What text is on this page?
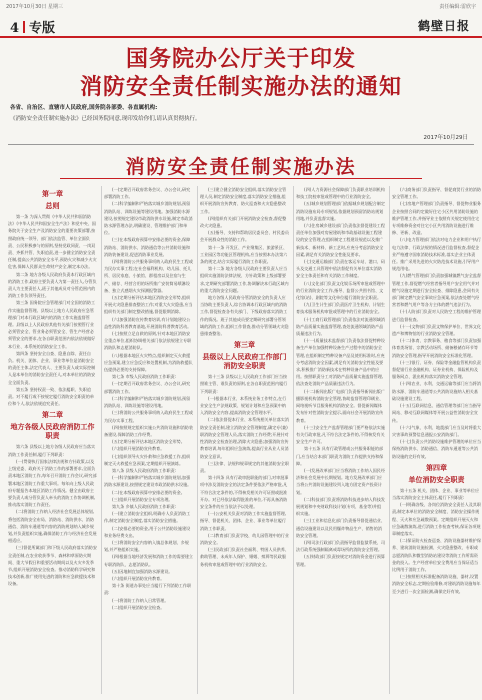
2017年10月30日 星期三	责任编辑:雷欣宇
4 专版	鹤壁日报
国务院办公厅关于印发
消防安全责任制实施办法的通知
各省、自治区、直辖市人民政府,国务院各部委、各直属机构:
《消防安全责任制实施办法》已经国务院同意,现印发给你们,请认真贯彻执行。
2017年10月29日
消防安全责任制实施办法
第一章
总则
第一条 为深入贯彻《中华人民共和国消防法》《中华人民共和国安全生产法》和党中央、国务院关于安全生产及消防安全的重要决策部署,按照政府统一领导、部门依法监管、单位全面负责、公民积极参与的原则,坚持党政同责、一岗双责、齐抓共管、失职追责,进一步健全消防安全责任制,提高公共消防安全水平,预防火灾和减少火灾危害,保障人民群众生命财产安全,制定本办法。
第二条 地方各级人民政府负责本行政区域内的消防工作,政府主要负责人为第一责任人,分管负责人为主要责任人,班子其他成员对分管范围内的消防工作负领导责任。
第三条 国务院应急管理部门对全国的消防工作实施监督管理。县级以上地方人民政府应急管理部门对本行政区域内的消防工作实施监督管理。县级以上人民政府其他有关部门按照管行业必须管安全、管业务必须管安全、管生产经营必须管安全的要求,在各自职责范围内依法依规做好本行业、本系统的消防安全工作。
第四条 坚持安全自查、隐患自除、责任自负。机关、团体、企业、事业等单位是消防安全的责任主体,法定代表人、主要负责人或实际控制人是本单位的消防安全责任人,对本单位的消防安全全面负责。
第五条 坚持权责一致、依法履职、失职追责。对不履行或不按规定履行消防安全职责的单位和个人,依法依规追究责任。
第二章
地方各级人民政府消防工作职责
第六条 县级以上地方各级人民政府应当落实消防工作责任制,履行下列职责:
(一)贯彻执行国家法律法规和方针政策,以及上级党委、政府关于消防工作的部署要求,全面负责本地区消防工作,每年召开消防工作会议,研究部署本地区消防工作重大事项。每年向上级人民政府专题报告本地区消防工作情况。健全由政府主要负责人或分管负责人牵头的消防工作协调机制,推动落实消防工作责任。
(二)将消防工作纳入经济社会发展总体规划,将包括消防安全布局、消防站、消防供水、消防通信、消防车通道等内容的消防规划纳入城乡规划,并负责组织实施,确保消防工作与经济社会发展相适应。
(三)督促所属部门和下级人民政府落实消防安全责任制,在农业收获季节、森林和草原防火期间、重大节假日和重要活动期间以及火灾多发季节,组织开展消防安全检查。推动消防科学研究和技术创新,推广使用先进的消防和应急救援技术和设备。
(一)定期召开政府常务会议、办公会议,研究部署消防工作。
(二)科学编制和严格落实城乡消防规划,预留消防队站、训练设施等建设用地。加强消防水源建设,按照规定建设市政消防供水设施,制定市政消防水源管理办法,明确建设、管理维护部门和单位。
(三)在本级政府预算中安排必要的资金,保障消防站、消防供水、消防通信等公共消防设施和消防装备建设,促进消防事业发展。
(四)将消防公共服务事项纳入政府民生工程或为民办实事工程;在社会福利机构、幼儿园、托儿所、居民家庭、小旅馆、群租房以及住宿与生产、储存、经营合用的场所推广安装简易喷淋设备、独立式感烟火灾探测报警器。
(五)定期分析评估本地区消防安全形势,组织开展火灾隐患排查整治工作;对重大火灾隐患,应当组织有关部门制定整改措施,督促限期消除。
(六)加强消防宣传教育培训,有计划地建设公益性消防科普教育基地,开展消防科普教育活动。
(七)按照立足自救的原则,针对本地区消防安全重点单位,组织协调相关部门依法依规建立专职消防队和志愿消防队。
(八)根据本地区火灾特点,组织制定灭火救援应急预案,建立应急反应和处置机制,为消防救援队伍提供必要的支持保障。
第七条 市级人民政府消防工作职责:
(一)定期召开政府常务会议、办公会议,研究部署消防工作。
(二)科学编制和严格落实城乡消防规划,预留消防队站、训练设施等建设用地。
(三)将消防公共服务事项纳入政府民生工程或为民办实事工程。
(四)按照规定组织实施公共消防设施和消防装备建设,保障消防工作经费。
(五)定期分析评估本地区消防安全形势。
(六)组织开展消防宣传教育。
(七)组织领导火灾扑救和应急救援工作,组织制定灭火救援应急预案,定期组织开展演练。
第八条 县级人民政府消防工作职责:
(一)科学编制和严格落实城乡消防规划,加强消防水源建设,按照规定建设市政消防供水设施。
(二)在本级政府预算中安排必要的资金。
(三)组织开展消防安全专项治理。
第九条 乡镇人民政府消防工作职责:
(一)建立消防安全组织,明确专人负责消防工作,制定消防安全制度,落实消防安全措施。
(二)安排必要的资金,用于公共消防设施建设和业务经费支出。
(三)将消防安全内容纳入镇总体规划、乡规划,并严格组织实施。
(四)根据当地经济发展和消防工作的需要建立专职消防队、志愿消防队。
(五)因地制宜加强消防水源建设。
(六)组织开展消防宣传教育。
第十条 街道办事处应当履行下列消防工作职责:
(一)将消防工作纳入日常管理。
(二)组织开展消防安全检查。
(三)建立健全消防安全组织,落实消防安全管理人员,制定消防安全制度,落实消防安全措施,组织开展消防宣传教育、防火巡查和火灾隐患整改工作。
(四)组织有关部门开展消防安全检查,督促整改火灾隐患。
(五)指导、支持和帮助居民委员会、村民委员会开展群众性的消防工作。
第十一条 开发区、产业聚集区、旅游景区、工业园区等功能区管理机构,应当按照本办法第六条的规定,结合实际履行消防工作职责。
第十二条 地方各级人民政府主要负责人应当组织实施消防法律法规、方针政策和上级部署要求,定期研究部署消防工作,协调解决本行政区域内的重大消防安全问题。
地方各级人民政府分管消防安全的负责人应当协助主要负责人,综合协调本行政区域内的消防工作,督促检查各有关部门、下级政府落实消防工作的情况。班子其他成员要定期研究部署分管领域的消防工作,组织工作督查,推动分管领域火灾隐患排查整治。
第三章
县级以上人民政府工作部门消防安全职责
第十三条 县级以上人民政府工作部门应当按照谁主管、谁负责的原则,在各自职责范围内履行下列职责:
(一)根据本行业、本系统业务工作特点,在行业安全生产法规政策、规划计划和应急预案中纳入消防安全内容,提高消防安全管理水平。
(二)依法督促本行业、本系统相关单位落实消防安全责任制,建立消防安全管理制度,确定专(兼)职消防安全管理人员,落实消防工作经费;开展针对性消防安全检查治理,消除火灾隐患;加强消防宣传教育培训,每年组织应急演练,提高行业从业人员消防安全意识。
(三)法律、法规和规章规定的其他消防安全职责。
第十四条 具有行政审批职能的部门,对审批事项中涉及消防安全的法定条件要依法严格审批,凡不符合法定条件的,不得核发相关许可证照或批准开办。对已经依法取得批准的单位,不再具备消防安全条件的应当依法予以处理。
(一)公安机关负责对消防工作实施监督管理,指导、督促机关、团体、企业、事业等单位履行消防工作职责。
(二)教育部门负责学校、幼儿园管理中的行业消防安全。
(三)民政部门负责社会福利、特困人员供养、救助管理、未成年人保护、婚姻、殡葬等民政服务机构审批或管理中的行业消防安全。
(四)人力资源社会保障部门负责职业培训机构和技工院校审批或管理中的行业消防安全。
(五)城乡规划管理部门依据城乡规划配合制定消防设施布局专项规划,依据规划预留消防站规划用地,并负责监督实施。
(六)住房城乡建设部门负责依法督促建设工程责任单位加强对房屋建筑和市政基础设施工程建设的安全管理,在组织制定工程建设规范以及推广新技术、新材料、新工艺时,应充分考虑消防安全因素,满足有关消防安全性能及要求。
(七)交通运输部门负责在客运车站、港口、码头及交通工具管理中依法督促有关单位落实消防安全主体责任和有关消防工作制度。
(八)文化部门负责文化娱乐场所审批或管理中的行业消防安全工作,指导、监督公共图书馆、文化馆(站)、剧院等文化单位履行消防安全职责。
(九)卫生计生部门负责医疗卫生机构、计划生育技术服务机构审批或管理中的行业消防安全。
(十)工商行政管理部门负责依法对流通领域消防产品质量实施监督管理,查处流通领域消防产品质量违法行为。
(十一)质量技术监督部门负责依法督促特种设备生产单位加强特种设备生产过程中的消防安全管理,在组织制定特种设备产品及使用标准时,应充分考虑消防安全因素,满足有关消防安全性能及要求,积极推广消防新技术在特种设备产品中的应用。按照职责分工对消防产品质量实施监督管理,依法查处消防产品质量违法行为。
(十二)新闻出版广电部门负责指导新闻出版广播影视机构消防安全管理,协助监督管理印刷业、网络视听节目服务机构消防安全。督促新闻媒体发布针对性消防安全提示,面向社会开展消防宣传教育。
(十三)安全生产监督管理部门要严格依法实施有关行政审批,凡不符合法定条件的,不得核发有关安全生产许可。
第十五条 具有行政管理或公共服务职能的部门,应当结合本部门职责为消防工作提供支持和保障。
(一)发展改革部门应当将消防工作纳入国民经济和社会发展中长期规划。地方发展改革部门应当将公共消防设施建设列入地方固定资产投资计划。
(二)科技部门负责将消防科技进步纳入科技发展规划和中央财政科技计划(专项、基金等)并组织实施。
(三)工业和信息化部门负责指导督促通信业、通信设施建设以及民用爆炸物品生产、销售的消防安全管理。
(四)司法行政部门负责指导监督监狱系统、司法行政系统强制隔离戒毒场所的消防安全管理。
(五)财政部门负责按规定对消防资金进行预算管理。
(六)商务部门负责指导、督促商贸行业的消防安全管理工作。
(七)房地产管理部门负责指导、督促物业服务企业按照合同约定做好住宅小区共用消防设施的维护管理工作,并指导业主依照有关规定使用住宅专项维修资金对住宅小区共用消防设施进行维修、更新、改造。
(八)电力管理部门依法对电力企业和用户执行电力法律、行政法规的情况进行监督检查,督促企业严格遵守国家消防技术标准,落实企业主体责任。推广采用先进的火灾防范技术设施,引导用户规范用电。
(九)燃气管理部门负责加强城镇燃气安全监督管理工作,督促燃气经营者指导用户安全用气并对燃气设施定期进行安全检查、排除隐患,会同有关部门制定燃气安全事故应急预案,依法查处燃气经营者和燃气用户等各方主体的燃气违法行为。
(十)人防部门负责对人民防空工程的维护管理进行监督检查。
(十一)文物部门负责文物保护单位、世界文化遗产和博物馆的行业消防安全管理。
(十二)体育、宗教事务、粮食等部门负责加强体育类场馆、宗教活动场所、储备粮储存环节等消防安全管理,指导开展消防安全标准化管理。
(十三)银行、证券、保险等金融监管机构负责督促银行业金融机构、证券业机构、保险机构及服务网点、派出机构落实消防安全管理。
(十四)农业、水利、交通运输等部门应当将消防水源、消防车通道等公共消防设施纳入相关基础设施建设工程。
(十五)互联网信息、通信管理等部门应当指导网站、移动互联网媒体等开展公益性消防安全宣传。
(十六)气象、水利、地震部门应当及时将重大灾害事故预警信息通报公安消防部门。
(十七)负责公共消防设施维护管理的单位应当保持消防供水、消防通信、消防车通道等公共消防设施的完好有效。
第四章
单位消防安全职责
第十五条 机关、团体、企业、事业等单位应当落实消防安全主体责任,履行下列职责:
(一)明确各级、各岗位消防安全责任人及其职责,制定本单位的消防安全制度、消防安全操作规程、灭火和应急疏散预案。定期组织开展灭火和应急疏散演练,进行消防工作检查考核,保证各项规章制度落实。
(二)保证防火检查巡查、消防设施器材维护保养、建筑消防设施检测、火灾隐患整改、专职或志愿消防队和微型消防站建设等消防工作所需资金的投入。生产经营单位安全费用应当保证适当比例用于消防工作。
(三)按照相关标准配备消防设施、器材,设置消防安全标志,定期检验维修,对建筑消防设施每年至少进行一次全面检测,确保完好有效。
